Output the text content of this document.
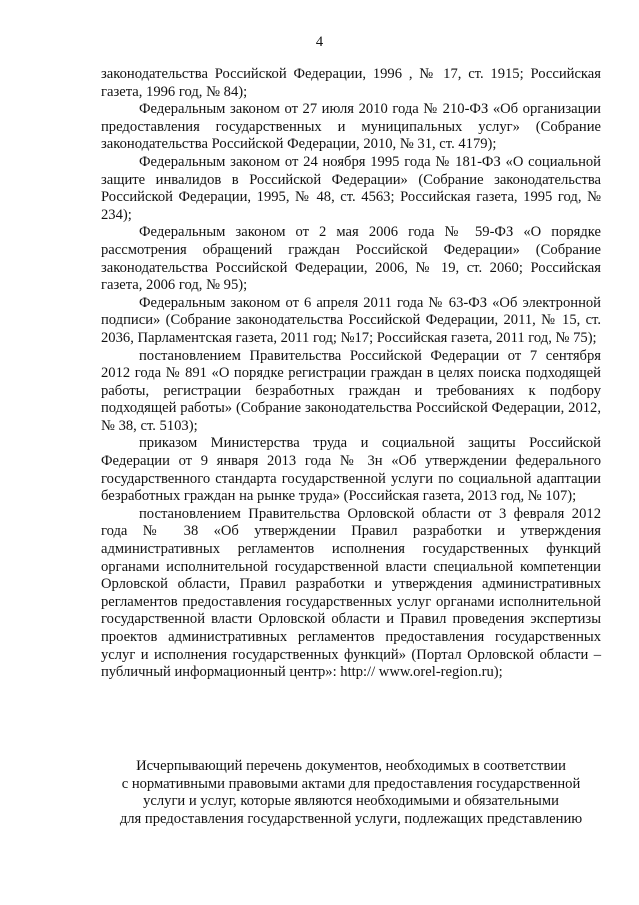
4

законодательства Российской Федерации, 1996 , № 17, ст. 1915; Российская газета, 1996 год, № 84);

Федеральным законом от 27 июля 2010 года № 210-ФЗ «Об организации предоставления государственных и муниципальных услуг» (Собрание законодательства Российской Федерации, 2010, № 31, ст. 4179);

Федеральным законом от 24 ноября 1995 года № 181-ФЗ «О социальной защите инвалидов в Российской Федерации» (Собрание законодательства Российской Федерации, 1995, № 48, ст. 4563; Российская газета, 1995 год, № 234);

Федеральным законом от 2 мая 2006 года № 59-ФЗ «О порядке рассмотрения обращений граждан Российской Федерации» (Собрание законодательства Российской Федерации, 2006, № 19, ст. 2060; Российская газета, 2006 год, № 95);

Федеральным законом от 6 апреля 2011 года № 63-ФЗ «Об электронной подписи» (Собрание законодательства Российской Федерации, 2011, № 15, ст. 2036, Парламентская газета, 2011 год; №17; Российская газета, 2011 год, № 75);

постановлением Правительства Российской Федерации от 7 сентября 2012 года № 891 «О порядке регистрации граждан в целях поиска подходящей работы, регистрации безработных граждан и требованиях к подбору подходящей работы» (Собрание законодательства Российской Федерации, 2012, № 38, ст. 5103);

приказом Министерства труда и социальной защиты Российской Федерации от 9 января 2013 года № 3н «Об утверждении федерального государственного стандарта государственной услуги по социальной адаптации безработных граждан на рынке труда» (Российская газета, 2013 год, № 107);

постановлением Правительства Орловской области от 3 февраля 2012 года № 38 «Об утверждении Правил разработки и утверждения административных регламентов исполнения государственных функций органами исполнительной государственной власти специальной компетенции Орловской области, Правил разработки и утверждения административных регламентов предоставления государственных услуг органами исполнительной государственной власти Орловской области и Правил проведения экспертизы проектов административных регламентов предоставления государственных услуг и исполнения государственных функций» (Портал Орловской области – публичный информационный центр»: http:// www.orel-region.ru);

Исчерпывающий перечень документов, необходимых в соответствии
с нормативными правовыми актами для предоставления государственной
услуги и услуг, которые являются необходимыми и обязательными
для предоставления государственной услуги, подлежащих представлению
